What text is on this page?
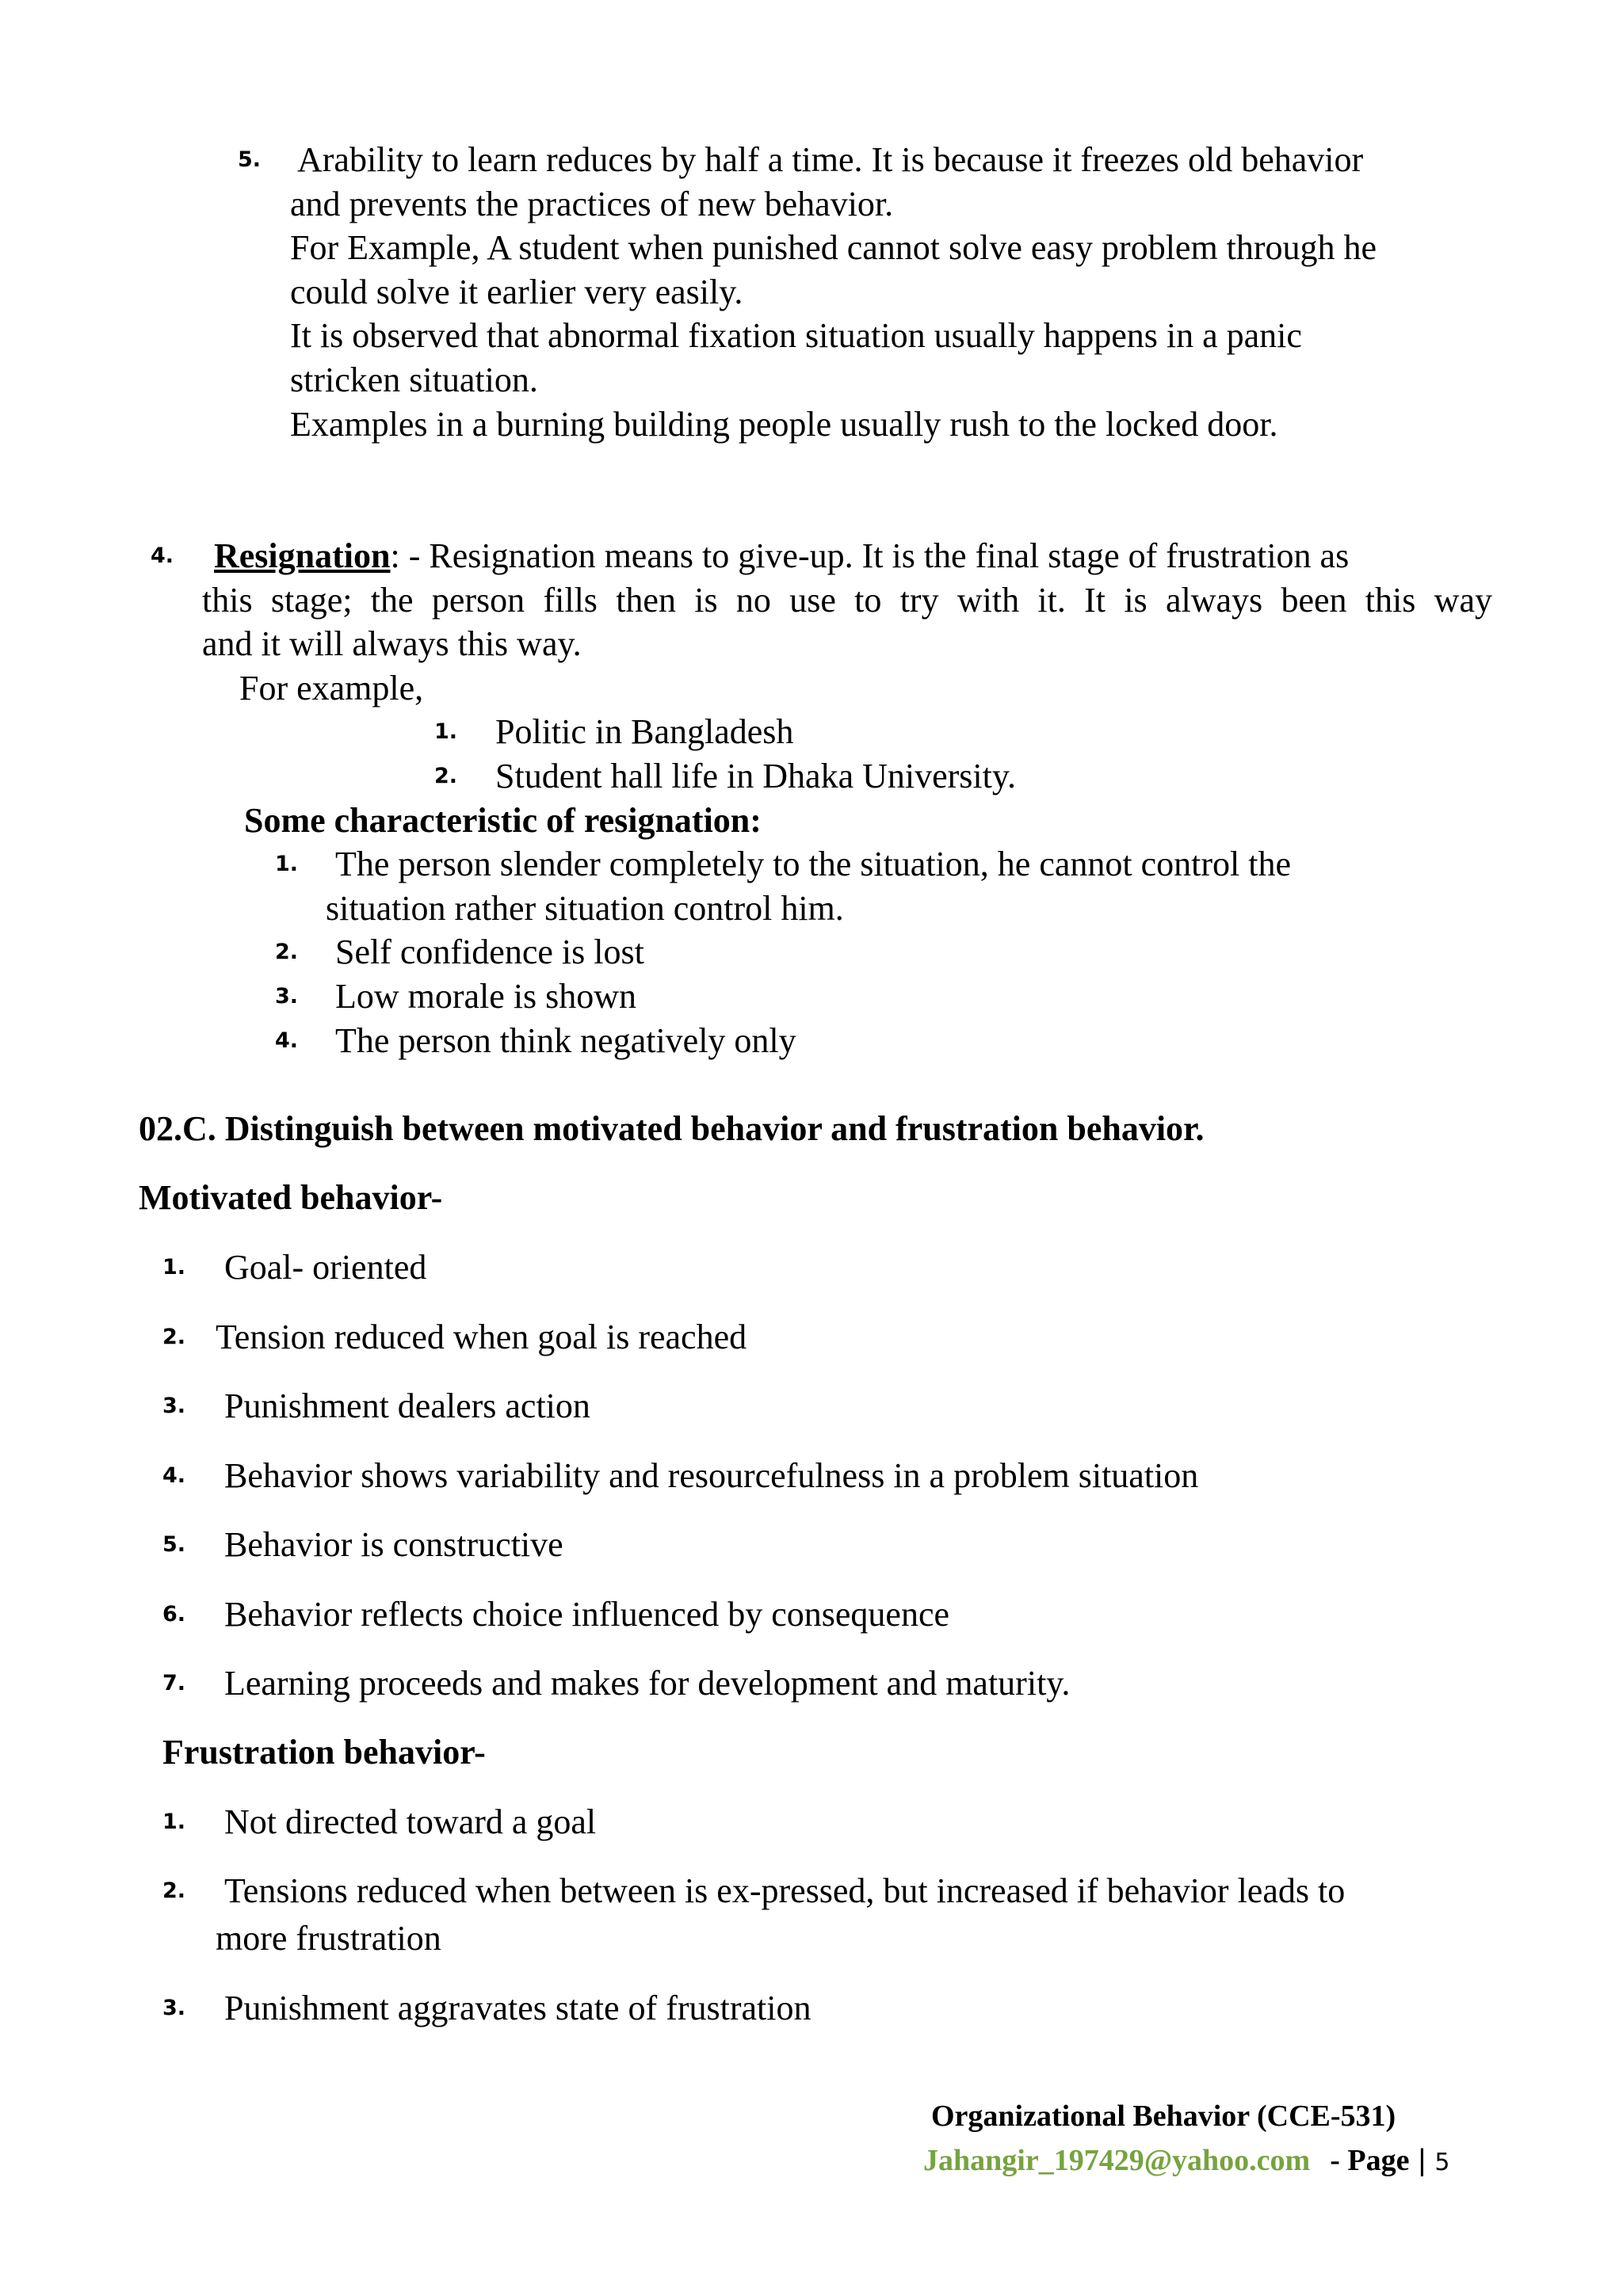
5. Arability to learn reduces by half a time. It is because it freezes old behavior
and prevents the practices of new behavior.
For Example, A student when punished cannot solve easy problem through he
could solve it earlier very easily.
It is observed that abnormal fixation situation usually happens in a panic
stricken situation.
Examples in a burning building people usually rush to the locked door.
4. Resignation: - Resignation means to give-up. It is the final stage of frustration as
this stage; the person fills then is no use to try with it. It is always been this way
and it will always this way.
For example,
1. Politic in Bangladesh
2. Student hall life in Dhaka University.
Some characteristic of resignation:
1. The person slender completely to the situation, he cannot control the
situation rather situation control him.
2. Self confidence is lost
3. Low morale is shown
4. The person think negatively only
02.C. Distinguish between motivated behavior and frustration behavior.
Motivated behavior-
1. Goal- oriented
2. Tension reduced when goal is reached
3. Punishment dealers action
4. Behavior shows variability and resourcefulness in a problem situation
5. Behavior is constructive
6. Behavior reflects choice influenced by consequence
7. Learning proceeds and makes for development and maturity.
Frustration behavior-
1. Not directed toward a goal
2. Tensions reduced when between is ex-pressed, but increased if behavior leads to
more frustration
3. Punishment aggravates state of frustration
Organizational Behavior (CCE-531)
Jahangir_197429@yahoo.com - Page | 5
